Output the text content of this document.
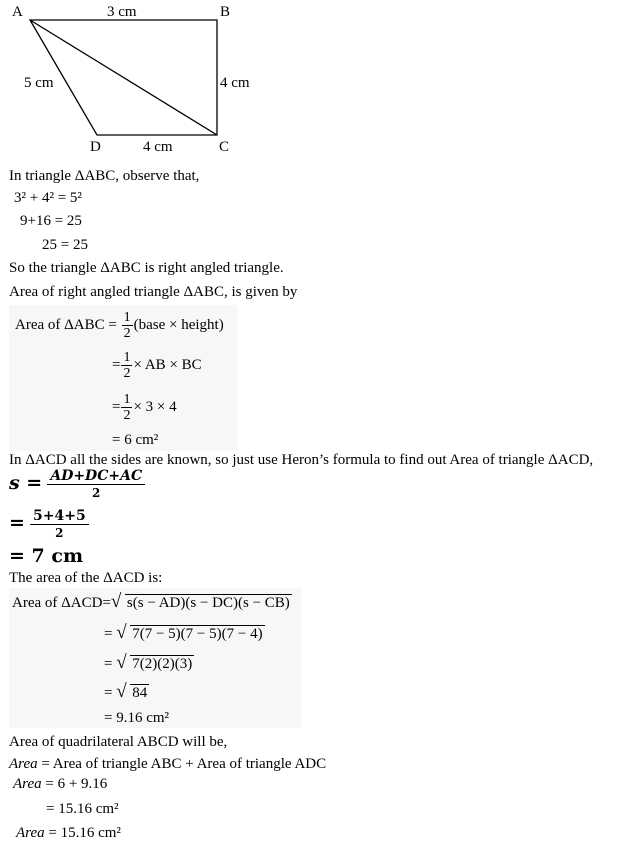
A	B
C
D
3 cm
5 cm	4 cm
4 cm
In triangle ΔABC, observe that,
3² + 4² = 5²
9+16 = 25
25 = 25
So the triangle ΔABC is right angled triangle.
Area of right angled triangle ΔABC, is given by
Area of $\Delta ABC = \frac{1}{2}$ (base × height)
= $\frac{1}{2}$ × AB × BC
= $\frac{1}{2} \times 3 \times 4$
= 6 cm²
In ΔACD all the sides are known, so just use Heron’s formula to find out Area of triangle ΔACD,
$s = \frac{AD+DC+AC}{2}$
= $\frac{5+4+5}{2}$
= 7 cm
The area of the ΔACD is:
Area of ΔACD= √ s(s − AD)(s − DC)(s − CB)
= √ 7(7 − 5)(7 − 5)(7 − 4)
= √ 7(2)(2)(3)
= √ 84
= 9.16 cm²
Area of quadrilateral ABCD will be,
Area = Area of triangle ABC + Area of triangle ADC
Area = 6 + 9.16
= 15.16 cm²
Area = 15.16 cm²
